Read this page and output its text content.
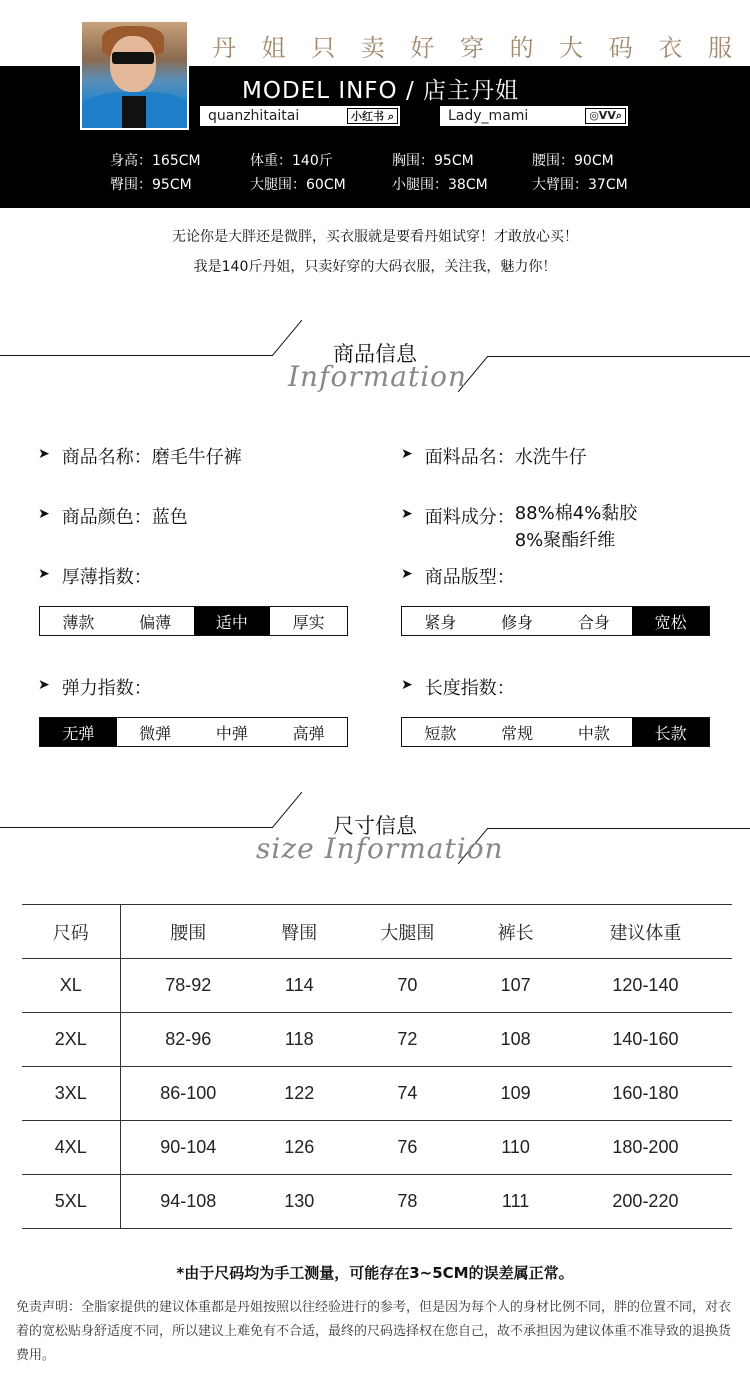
丹 姐 只 卖 好 穿 的 大 码 衣 服
MODEL INFO / 店主丹姐
quanzhitaitai	小红书 ⌕	Lady_mami	◎VV⌕
身高：165CM	体重：140斤	胸围：95CM	腰围：90CM
臀围：95CM	大腿围：60CM	小腿围：38CM	大臂围：37CM
无论你是大胖还是微胖，买衣服就是要看丹姐试穿！才敢放心买！
我是140斤丹姐，只卖好穿的大码衣服，关注我，魅力你！
商品信息
Information
➤ 商品名称： 磨毛牛仔裤	➤ 面料品名： 水洗牛仔
➤ 商品颜色： 蓝色	➤ 面料成分： 88%棉4%黏胶
8%聚酯纤维
➤ 厚薄指数：	➤ 商品版型：
薄款	偏薄	适中	厚实	紧身	修身	合身	宽松
➤ 弹力指数：	➤ 长度指数：
无弹	微弹	中弹	高弹	短款	常规	中款	长款
尺寸信息
size Information
尺码	腰围	臀围	大腿围	裤长	建议体重
XL	78-92	114	70	107	120-140
2XL	82-96	118	72	108	140-160
3XL	86-100	122	74	109	160-180
4XL	90-104	126	76	110	180-200
5XL	94-108	130	78	111	200-220
*由于尺码均为手工测量，可能存在3~5CM的误差属正常。
免责声明：全脂家提供的建议体重都是丹姐按照以往经验进行的参考，但是因为每个人的身材比例不同，胖的位置不同，对衣着的宽松贴身舒适度不同，所以建议上难免有不合适，最终的尺码选择权在您自己，故不承担因为建议体重不准导致的退换货费用。
